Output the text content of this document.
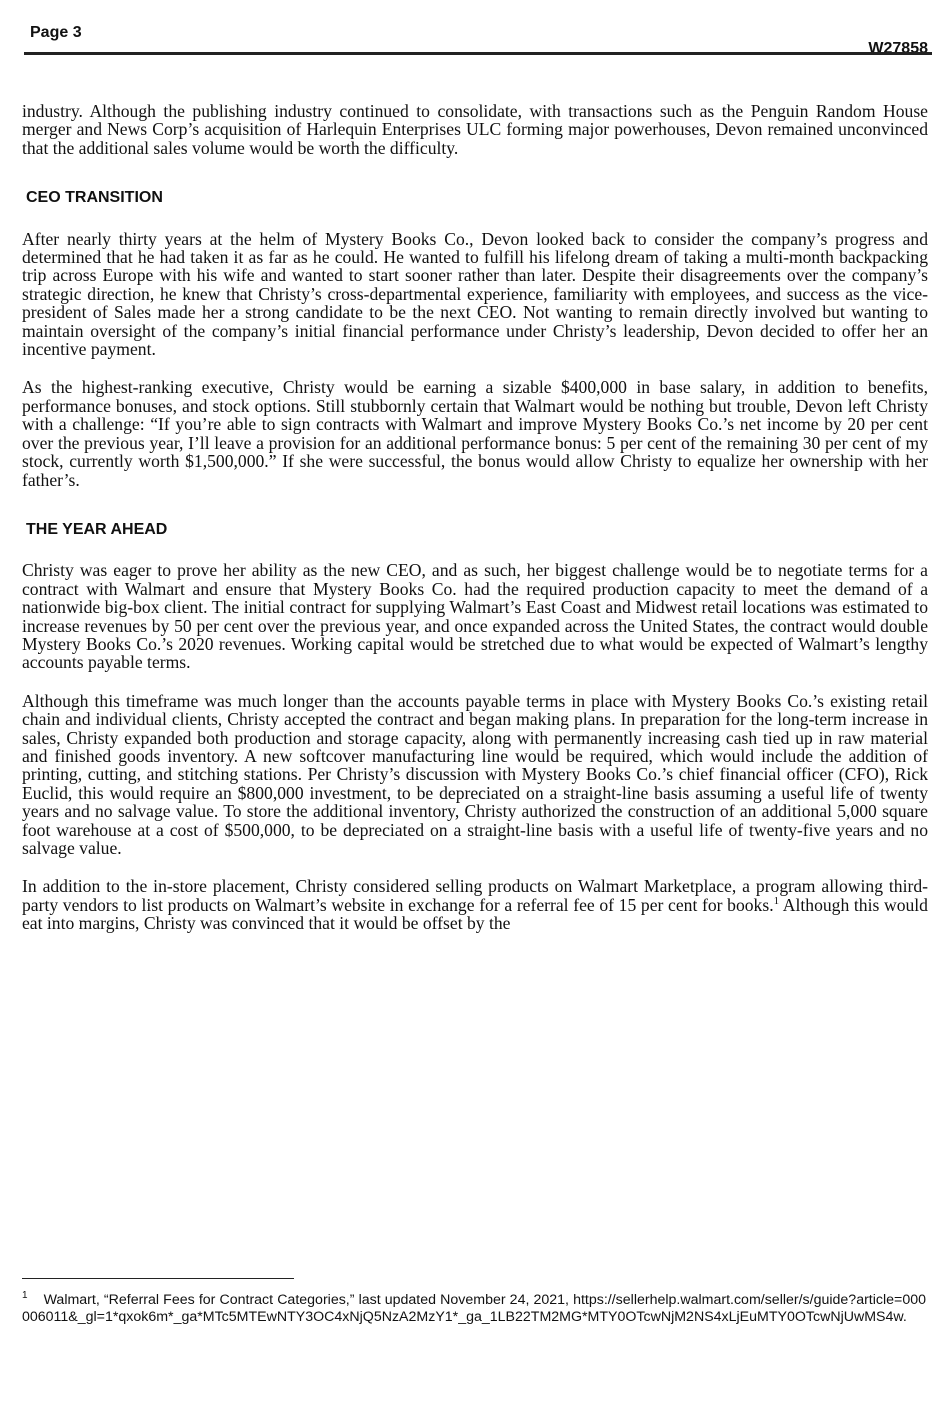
Page 3
W27858

industry. Although the publishing industry continued to consolidate, with transactions such as the Penguin Random House merger and News Corp’s acquisition of Harlequin Enterprises ULC forming major powerhouses, Devon remained unconvinced that the additional sales volume would be worth the difficulty.

CEO TRANSITION

After nearly thirty years at the helm of Mystery Books Co., Devon looked back to consider the company’s progress and determined that he had taken it as far as he could. He wanted to fulfill his lifelong dream of taking a multi-month backpacking trip across Europe with his wife and wanted to start sooner rather than later. Despite their disagreements over the company’s strategic direction, he knew that Christy’s cross-departmental experience, familiarity with employees, and success as the vice-president of Sales made her a strong candidate to be the next CEO. Not wanting to remain directly involved but wanting to maintain oversight of the company’s initial financial performance under Christy’s leadership, Devon decided to offer her an incentive payment.

As the highest-ranking executive, Christy would be earning a sizable $400,000 in base salary, in addition to benefits, performance bonuses, and stock options. Still stubbornly certain that Walmart would be nothing but trouble, Devon left Christy with a challenge: “If you’re able to sign contracts with Walmart and improve Mystery Books Co.’s net income by 20 per cent over the previous year, I’ll leave a provision for an additional performance bonus: 5 per cent of the remaining 30 per cent of my stock, currently worth $1,500,000.” If she were successful, the bonus would allow Christy to equalize her ownership with her father’s.

THE YEAR AHEAD

Christy was eager to prove her ability as the new CEO, and as such, her biggest challenge would be to negotiate terms for a contract with Walmart and ensure that Mystery Books Co. had the required production capacity to meet the demand of a nationwide big-box client. The initial contract for supplying Walmart’s East Coast and Midwest retail locations was estimated to increase revenues by 50 per cent over the previous year, and once expanded across the United States, the contract would double Mystery Books Co.’s 2020 revenues. Working capital would be stretched due to what would be expected of Walmart’s lengthy accounts payable terms.

Although this timeframe was much longer than the accounts payable terms in place with Mystery Books Co.’s existing retail chain and individual clients, Christy accepted the contract and began making plans. In preparation for the long-term increase in sales, Christy expanded both production and storage capacity, along with permanently increasing cash tied up in raw material and finished goods inventory. A new softcover manufacturing line would be required, which would include the addition of printing, cutting, and stitching stations. Per Christy’s discussion with Mystery Books Co.’s chief financial officer (CFO), Rick Euclid, this would require an $800,000 investment, to be depreciated on a straight-line basis assuming a useful life of twenty years and no salvage value. To store the additional inventory, Christy authorized the construction of an additional 5,000 square foot warehouse at a cost of $500,000, to be depreciated on a straight-line basis with a useful life of twenty-five years and no salvage value.

In addition to the in-store placement, Christy considered selling products on Walmart Marketplace, a program allowing third-party vendors to list products on Walmart’s website in exchange for a referral fee of 15 per cent for books.$^1$ Although this would eat into margins, Christy was convinced that it would be offset by the

$^1$ Walmart, “Referral Fees for Contract Categories,” last updated November 24, 2021, https://sellerhelp.walmart.com/seller/s/guide?article=000006011&_gl=1*qxok6m*_ga*MTc5MTEwNTY3OC4xNjQ5NzA2MzY1*_ga_1LB22TM2MG*MTY0OTcwNjM2NS4xLjEuMTY0OTcwNjUwMS4w.
